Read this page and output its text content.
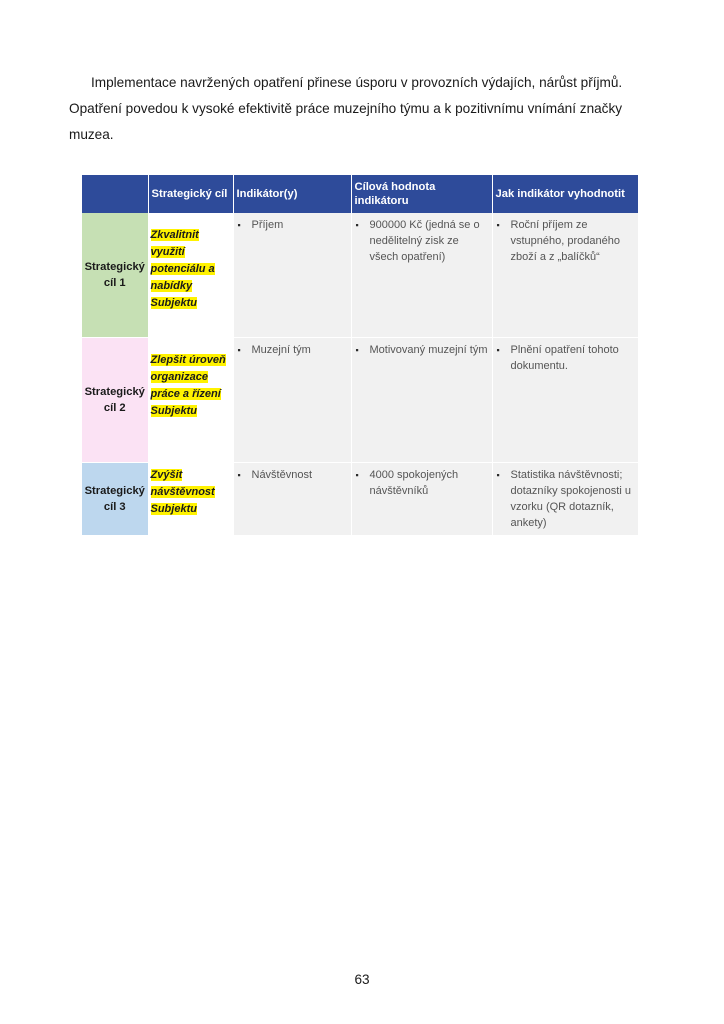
Implementace navržených opatření přinese úsporu v provozních výdajích, nárůst příjmů. Opatření povedou k vysoké efektivitě práce muzejního týmu a k pozitivnímu vnímání značky muzea.

	Strategický cíl	Indikátor(y)	Cílová hodnota indikátoru	Jak indikátor vyhodnotit
Strategický cíl 1	Zkvalitnit využití potenciálu a nabídky Subjektu	▪ Příjem	▪ 900000 Kč (jedná se o nedělitelný zisk ze všech opatření)	▪ Roční příjem ze vstupného, prodaného zboží a z „balíčků“

Strategický cíl 2	Zlepšit úroveň organizace práce a řízení Subjektu	▪ Muzejní tým	▪ Motivovaný muzejní tým	▪ Plnění opatření tohoto dokumentu.

Strategický cíl 3	Zvýšit návštěvnost Subjektu	▪ Návštěvnost	▪ 4000 spokojených návštěvníků	▪ Statistika návštěvnosti; dotazníky spokojenosti u vzorku (QR dotazník, ankety)
63
